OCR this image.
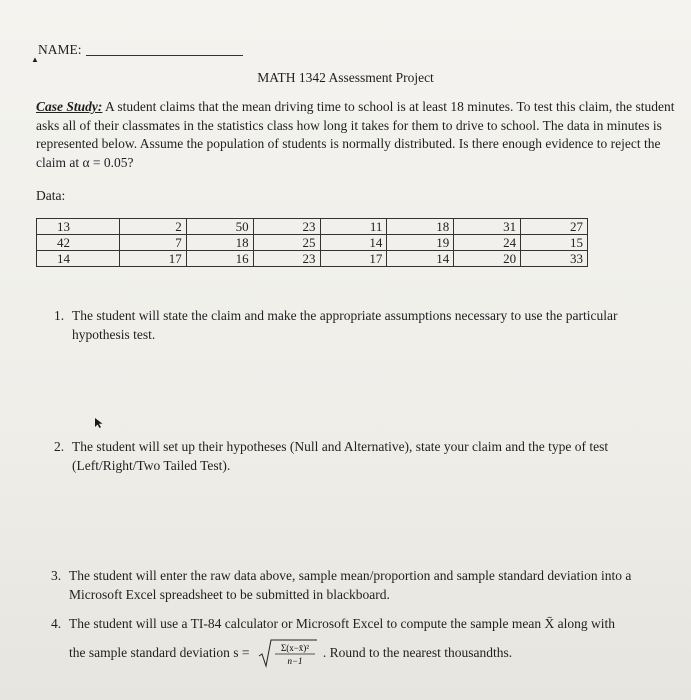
▲
NAME:
MATH 1342 Assessment Project
Case Study: A student claims that the mean driving time to school is at least 18 minutes. To test this claim, the student asks all of their classmates in the statistics class how long it takes for them to drive to school. The data in minutes is represented below. Assume the population of students is normally distributed. Is there enough evidence to reject the claim at α = 0.05?
Data:
13	2	50	23	11	18	31	27
42	7	18	25	14	19	24	15
14	17	16	23	17	14	20	33
1. The student will state the claim and make the appropriate assumptions necessary to use the particular hypothesis test.
2. The student will set up their hypotheses (Null and Alternative), state your claim and the type of test (Left/Right/Two Tailed Test).
3. The student will enter the raw data above, sample mean/proportion and sample standard deviation into a Microsoft Excel spreadsheet to be submitted in blackboard.
4. The student will use a TI-84 calculator or Microsoft Excel to compute the sample mean X̄ along with
the sample standard deviation s =	Σ(x−x̄)²
n−1
. Round to the nearest thousandths.
